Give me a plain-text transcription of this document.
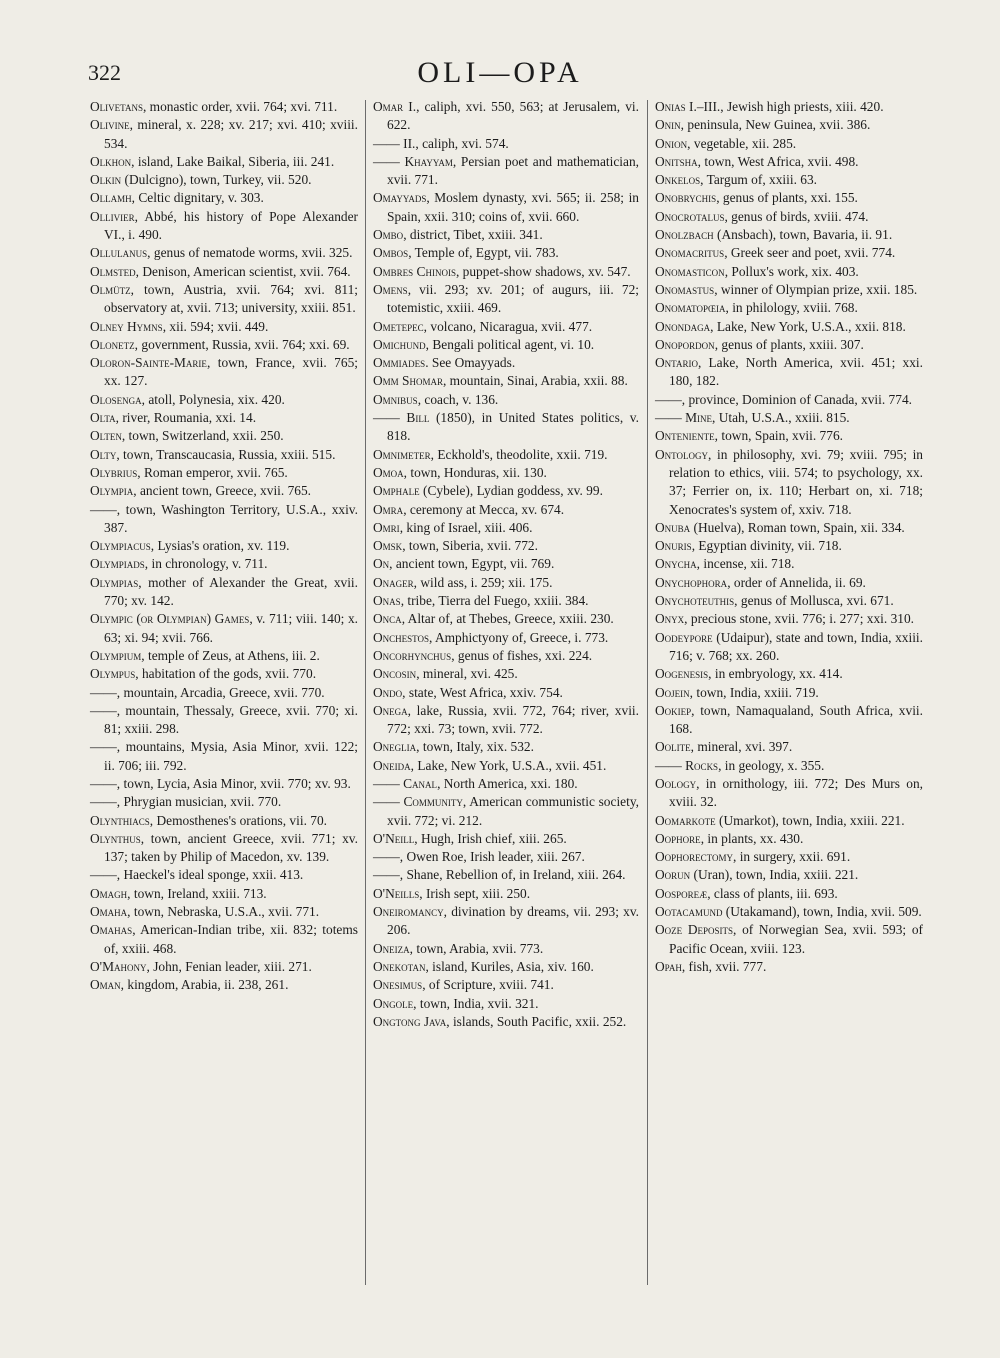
322	OLI—OPA

Olivetans, monastic order, xvii. 764; xvi. 711.

Olivine, mineral, x. 228; xv. 217; xvi. 410; xviii. 534.

Olkhon, island, Lake Baikal, Siberia, iii. 241.

Olkin (Dulcigno), town, Turkey, vii. 520.

Ollamh, Celtic dignitary, v. 303.

Ollivier, Abbé, his history of Pope Alexander VI., i. 490.

Ollulanus, genus of nematode worms, xvii. 325.

Olmsted, Denison, American scientist, xvii. 764.

Olmütz, town, Austria, xvii. 764; xvi. 811; observatory at, xvii. 713; university, xxiii. 851.

Olney Hymns, xii. 594; xvii. 449.

Olonetz, government, Russia, xvii. 764; xxi. 69.

Oloron-Sainte-Marie, town, France, xvii. 765; xx. 127.

Olosenga, atoll, Polynesia, xix. 420.

Olta, river, Roumania, xxi. 14.

Olten, town, Switzerland, xxii. 250.

Olty, town, Transcaucasia, Russia, xxiii. 515.

Olybrius, Roman emperor, xvii. 765.

Olympia, ancient town, Greece, xvii. 765.

——, town, Washington Territory, U.S.A., xxiv. 387.

Olympiacus, Lysias's oration, xv. 119.

Olympiads, in chronology, v. 711.

Olympias, mother of Alexander the Great, xvii. 770; xv. 142.

Olympic (or Olympian) Games, v. 711; viii. 140; x. 63; xi. 94; xvii. 766.

Olympium, temple of Zeus, at Athens, iii. 2.

Olympus, habitation of the gods, xvii. 770.

——, mountain, Arcadia, Greece, xvii. 770.

——, mountain, Thessaly, Greece, xvii. 770; xi. 81; xxiii. 298.

——, mountains, Mysia, Asia Minor, xvii. 122; ii. 706; iii. 792.

——, town, Lycia, Asia Minor, xvii. 770; xv. 93.

——, Phrygian musician, xvii. 770.

Olynthiacs, Demosthenes's orations, vii. 70.

Olynthus, town, ancient Greece, xvii. 771; xv. 137; taken by Philip of Macedon, xv. 139.

——, Haeckel's ideal sponge, xxii. 413.

Omagh, town, Ireland, xxiii. 713.

Omaha, town, Nebraska, U.S.A., xvii. 771.

Omahas, American-Indian tribe, xii. 832; totems of, xxiii. 468.

O'Mahony, John, Fenian leader, xiii. 271.

Oman, kingdom, Arabia, ii. 238, 261.

Omar I., caliph, xvi. 550, 563; at Jerusalem, vi. 622.

—— II., caliph, xvi. 574.

—— Khayyam, Persian poet and mathematician, xvii. 771.

Omayyads, Moslem dynasty, xvi. 565; ii. 258; in Spain, xxii. 310; coins of, xvii. 660.

Ombo, district, Tibet, xxiii. 341.

Ombos, Temple of, Egypt, vii. 783.

Ombres Chinois, puppet-show shadows, xv. 547.

Omens, vii. 293; xv. 201; of augurs, iii. 72; totemistic, xxiii. 469.

Ometepec, volcano, Nicaragua, xvii. 477.

Omichund, Bengali political agent, vi. 10.

Ommiades. See Omayyads.

Omm Shomar, mountain, Sinai, Arabia, xxii. 88.

Omnibus, coach, v. 136.

—— Bill (1850), in United States politics, v. 818.

Omnimeter, Eckhold's, theodolite, xxii. 719.

Omoa, town, Honduras, xii. 130.

Omphale (Cybele), Lydian goddess, xv. 99.

Omra, ceremony at Mecca, xv. 674.

Omri, king of Israel, xiii. 406.

Omsk, town, Siberia, xvii. 772.

On, ancient town, Egypt, vii. 769.

Onager, wild ass, i. 259; xii. 175.

Onas, tribe, Tierra del Fuego, xxiii. 384.

Onca, Altar of, at Thebes, Greece, xxiii. 230.

Onchestos, Amphictyony of, Greece, i. 773.

Oncorhynchus, genus of fishes, xxi. 224.

Oncosin, mineral, xvi. 425.

Ondo, state, West Africa, xxiv. 754.

Onega, lake, Russia, xvii. 772, 764; river, xvii. 772; xxi. 73; town, xvii. 772.

Oneglia, town, Italy, xix. 532.

Oneida, Lake, New York, U.S.A., xvii. 451.

—— Canal, North America, xxi. 180.

—— Community, American communistic society, xvii. 772; vi. 212.

O'Neill, Hugh, Irish chief, xiii. 265.

——, Owen Roe, Irish leader, xiii. 267.

——, Shane, Rebellion of, in Ireland, xiii. 264.

O'Neills, Irish sept, xiii. 250.

Oneiromancy, divination by dreams, vii. 293; xv. 206.

Oneiza, town, Arabia, xvii. 773.

Onekotan, island, Kuriles, Asia, xiv. 160.

Onesimus, of Scripture, xviii. 741.

Ongole, town, India, xvii. 321.

Ongtong Java, islands, South Pacific, xxii. 252.

Onias I.–III., Jewish high priests, xiii. 420.

Onin, peninsula, New Guinea, xvii. 386.

Onion, vegetable, xii. 285.

Onitsha, town, West Africa, xvii. 498.

Onkelos, Targum of, xxiii. 63.

Onobrychis, genus of plants, xxi. 155.

Onocrotalus, genus of birds, xviii. 474.

Onolzbach (Ansbach), town, Bavaria, ii. 91.

Onomacritus, Greek seer and poet, xvii. 774.

Onomasticon, Pollux's work, xix. 403.

Onomastus, winner of Olympian prize, xxii. 185.

Onomatopœia, in philology, xviii. 768.

Onondaga, Lake, New York, U.S.A., xxii. 818.

Onopordon, genus of plants, xxiii. 307.

Ontario, Lake, North America, xvii. 451; xxi. 180, 182.

——, province, Dominion of Canada, xvii. 774.

—— Mine, Utah, U.S.A., xxiii. 815.

Onteniente, town, Spain, xvii. 776.

Ontology, in philosophy, xvi. 79; xviii. 795; in relation to ethics, viii. 574; to psychology, xx. 37; Ferrier on, ix. 110; Herbart on, xi. 718; Xenocrates's system of, xxiv. 718.

Onuba (Huelva), Roman town, Spain, xii. 334.

Onuris, Egyptian divinity, vii. 718.

Onycha, incense, xii. 718.

Onychophora, order of Annelida, ii. 69.

Onychoteuthis, genus of Mollusca, xvi. 671.

Onyx, precious stone, xvii. 776; i. 277; xxi. 310.

Oodeypore (Udaipur), state and town, India, xxiii. 716; v. 768; xx. 260.

Oogenesis, in embryology, xx. 414.

Oojein, town, India, xxiii. 719.

Ookiep, town, Namaqualand, South Africa, xvii. 168.

Oolite, mineral, xvi. 397.

—— Rocks, in geology, x. 355.

Oology, in ornithology, iii. 772; Des Murs on, xviii. 32.

Oomarkote (Umarkot), town, India, xxiii. 221.

Oophore, in plants, xx. 430.

Oophorectomy, in surgery, xxii. 691.

Oorun (Uran), town, India, xxiii. 221.

Oosporeæ, class of plants, iii. 693.

Ootacamund (Utakamand), town, India, xvii. 509.

Ooze Deposits, of Norwegian Sea, xvii. 593; of Pacific Ocean, xviii. 123.

Opah, fish, xvii. 777.
